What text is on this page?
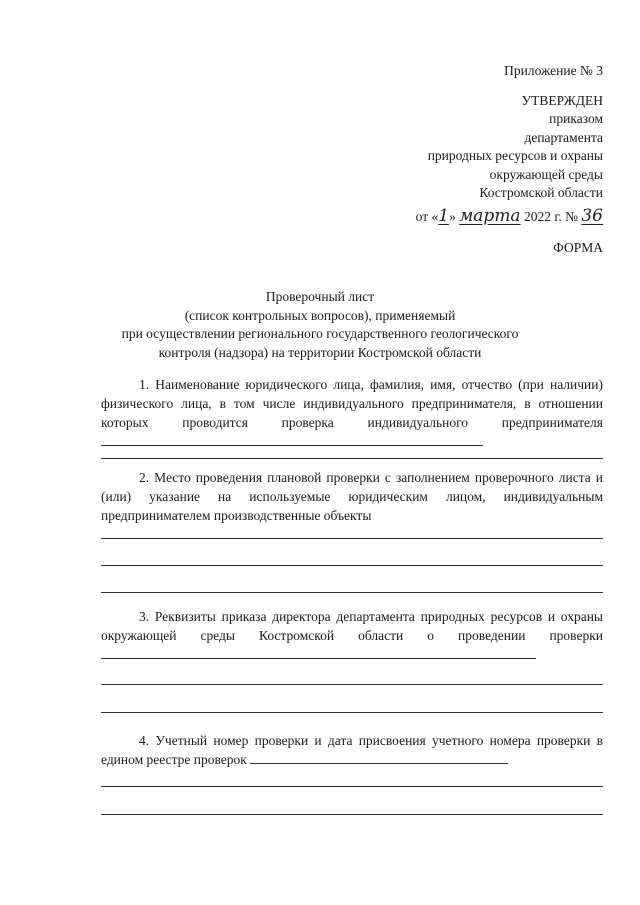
Приложение № 3
УТВЕРЖДЕН
приказом
департамента
природных ресурсов и охраны
окружающей среды
Костромской области
от «1» марта 2022 г. № 36
ФОРМА
Проверочный лист
(список контрольных вопросов), применяемый
при осуществлении регионального государственного геологического
контроля (надзора) на территории Костромской области

1. Наименование юридического лица, фамилия, имя, отчество (при наличии) физического лица, в том числе индивидуального предпринимателя, в отношении которых проводится проверка индивидуального предпринимателя

2. Место проведения плановой проверки с заполнением проверочного листа и (или) указание на используемые юридическим лицом, индивидуальным предпринимателем производственные объекты

3. Реквизиты приказа директора департамента природных ресурсов и охраны окружающей среды Костромской области о проведении проверки

4. Учетный номер проверки и дата присвоения учетного номера проверки в едином реестре проверок
